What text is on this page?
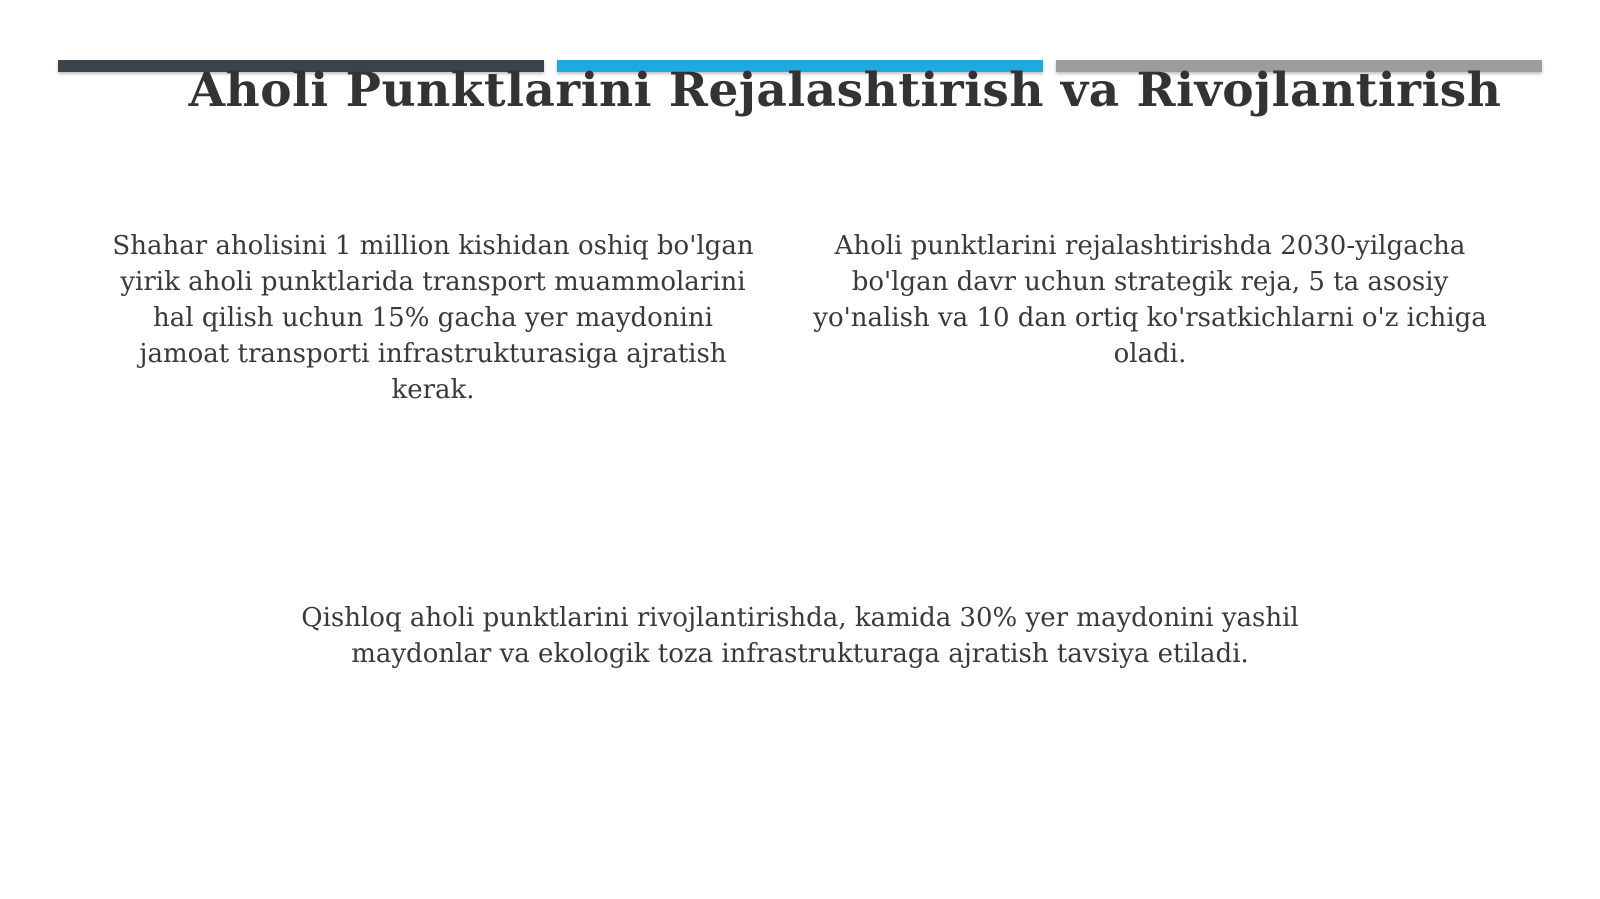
Aholi Punktlarini Rejalashtirish va Rivojlantirish
Shahar aholisini 1 million kishidan oshiq bo'lgan yirik aholi punktlarida transport muammolarini hal qilish uchun 15% gacha yer maydonini jamoat transporti infrastrukturasiga ajratish kerak.
Aholi punktlarini rejalashtirishda 2030-yilgacha bo'lgan davr uchun strategik reja, 5 ta asosiy yo'nalish va 10 dan ortiq ko'rsatkichlarni o'z ichiga oladi.
Qishloq aholi punktlarini rivojlantirishda, kamida 30% yer maydonini yashil maydonlar va ekologik toza infrastrukturaga ajratish tavsiya etiladi.
